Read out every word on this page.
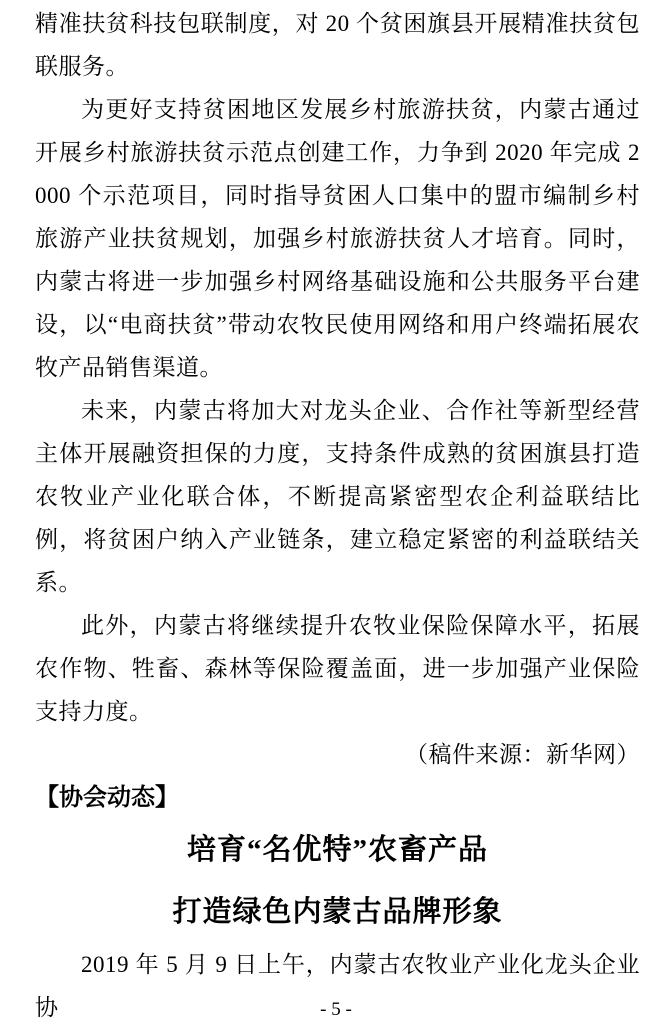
精准扶贫科技包联制度，对 20 个贫困旗县开展精准扶贫包联服务。

为更好支持贫困地区发展乡村旅游扶贫，内蒙古通过开展乡村旅游扶贫示范点创建工作，力争到 2020 年完成 2000 个示范项目，同时指导贫困人口集中的盟市编制乡村旅游产业扶贫规划，加强乡村旅游扶贫人才培育。同时，内蒙古将进一步加强乡村网络基础设施和公共服务平台建设，以“电商扶贫”带动农牧民使用网络和用户终端拓展农牧产品销售渠道。

未来，内蒙古将加大对龙头企业、合作社等新型经营主体开展融资担保的力度，支持条件成熟的贫困旗县打造农牧业产业化联合体，不断提高紧密型农企利益联结比例，将贫困户纳入产业链条，建立稳定紧密的利益联结关系。

此外，内蒙古将继续提升农牧业保险保障水平，拓展农作物、牲畜、森林等保险覆盖面，进一步加强产业保险支持力度。

（稿件来源：新华网）

【协会动态】
培育“名优特”农畜产品
打造绿色内蒙古品牌形象

2019 年 5 月 9 日上午，内蒙古农牧业产业化龙头企业协	- 5 -
